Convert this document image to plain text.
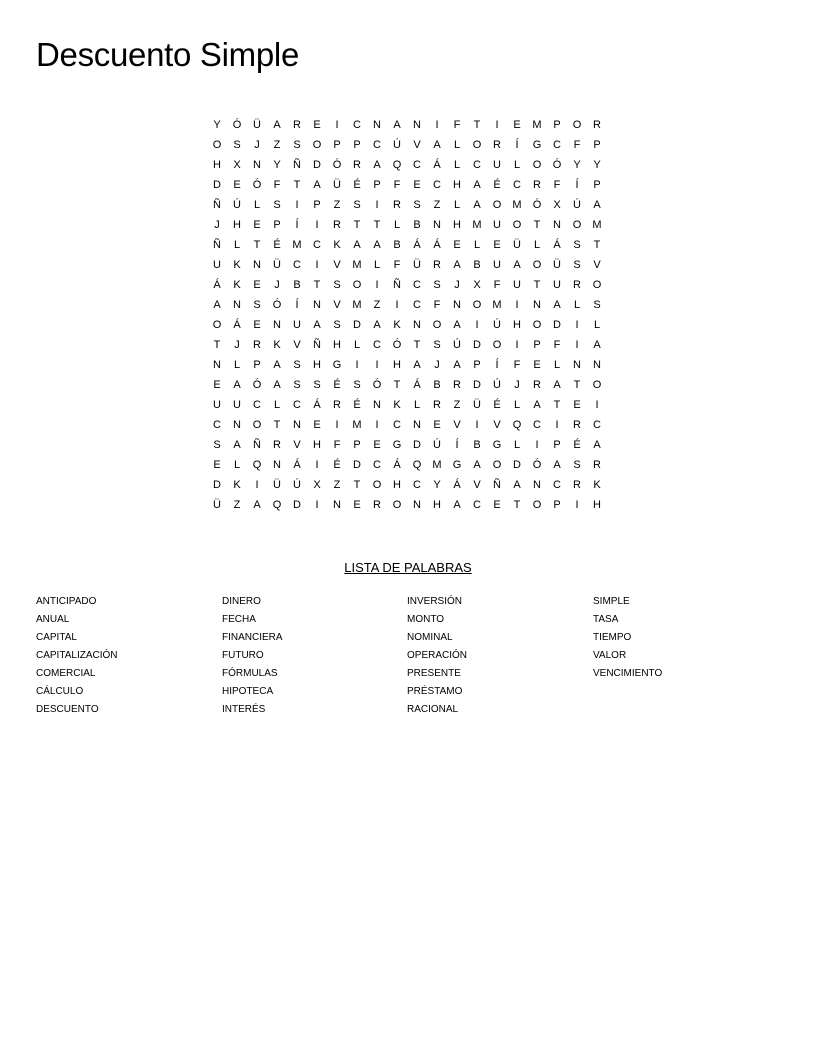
Descuento Simple
Y	Ó	Ü	A	R	E	I	C	N	A	N	I	F	T	I	E	M	P	O	R
O	S	J	Z	S	O	P	P	C	Ú	V	A	L	O	R	Í	G	C	F	P
H	X	N	Y	Ñ	D	Ó	R	A	Q	C	Á	L	C	U	L	O	Ó	Y	Y
D	E	Ó	F	T	A	Ü	É	P	F	E	C	H	A	É	C	R	F	Í	P
Ñ	Ú	L	S	I	P	Z	S	I	R	S	Z	L	A	O	M	Ó	X	Ú	A
J	H	E	P	Í	I	R	T	T	L	B	N	H	M	U	O	T	N	O	M
Ñ	L	T	É	M	C	K	A	A	B	Á	Á	E	L	E	Ü	L	Á	S	T
U	K	N	Ü	C	I	V	M	L	F	Ü	R	A	B	U	A	O	Ü	S	V
Á	K	E	J	B	T	S	O	I	Ñ	C	S	J	X	F	U	T	U	R	O
A	N	S	Ó	Í	N	V	M	Z	I	C	F	N	O	M	I	N	A	L	S
O	Á	E	N	U	A	S	D	A	K	N	O	A	I	Ú	H	O	D	I	L
T	J	R	K	V	Ñ	H	L	C	Ó	T	S	Ú	D	O	I	P	F	I	A
N	L	P	A	S	H	G	I	I	H	A	J	A	P	Í	F	E	L	N	N
E	A	Ó	A	S	S	É	S	Ó	T	Á	B	R	D	Ú	J	R	A	T	O
U	U	C	L	C	Á	R	É	N	K	L	R	Z	Ü	É	L	A	T	E	I
C	N	O	T	N	E	I	M	I	C	N	E	V	I	V	Q	C	I	R	C
S	A	Ñ	R	V	H	F	P	E	G	D	Ú	Í	B	G	L	I	P	É	A
E	L	Q	N	Á	I	É	D	C	Á	Q	M	G	A	O	D	Ó	A	S	R
D	K	I	Ü	Ú	X	Z	T	O	H	C	Y	Á	V	Ñ	A	N	C	R	K
Ü	Z	A	Q	D	I	N	E	R	O	N	H	A	C	E	T	O	P	I	H
LISTA DE PALABRAS
ANTICIPADO
ANUAL
CAPITAL
CAPITALIZACIÓN
COMERCIAL
CÁLCULO
DESCUENTO
DINERO
FECHA
FINANCIERA
FUTURO
FÓRMULAS
HIPOTECA
INTERÉS
INVERSIÓN
MONTO
NOMINAL
OPERACIÓN
PRESENTE
PRÉSTAMO
RACIONAL
SIMPLE
TASA
TIEMPO
VALOR
VENCIMIENTO
